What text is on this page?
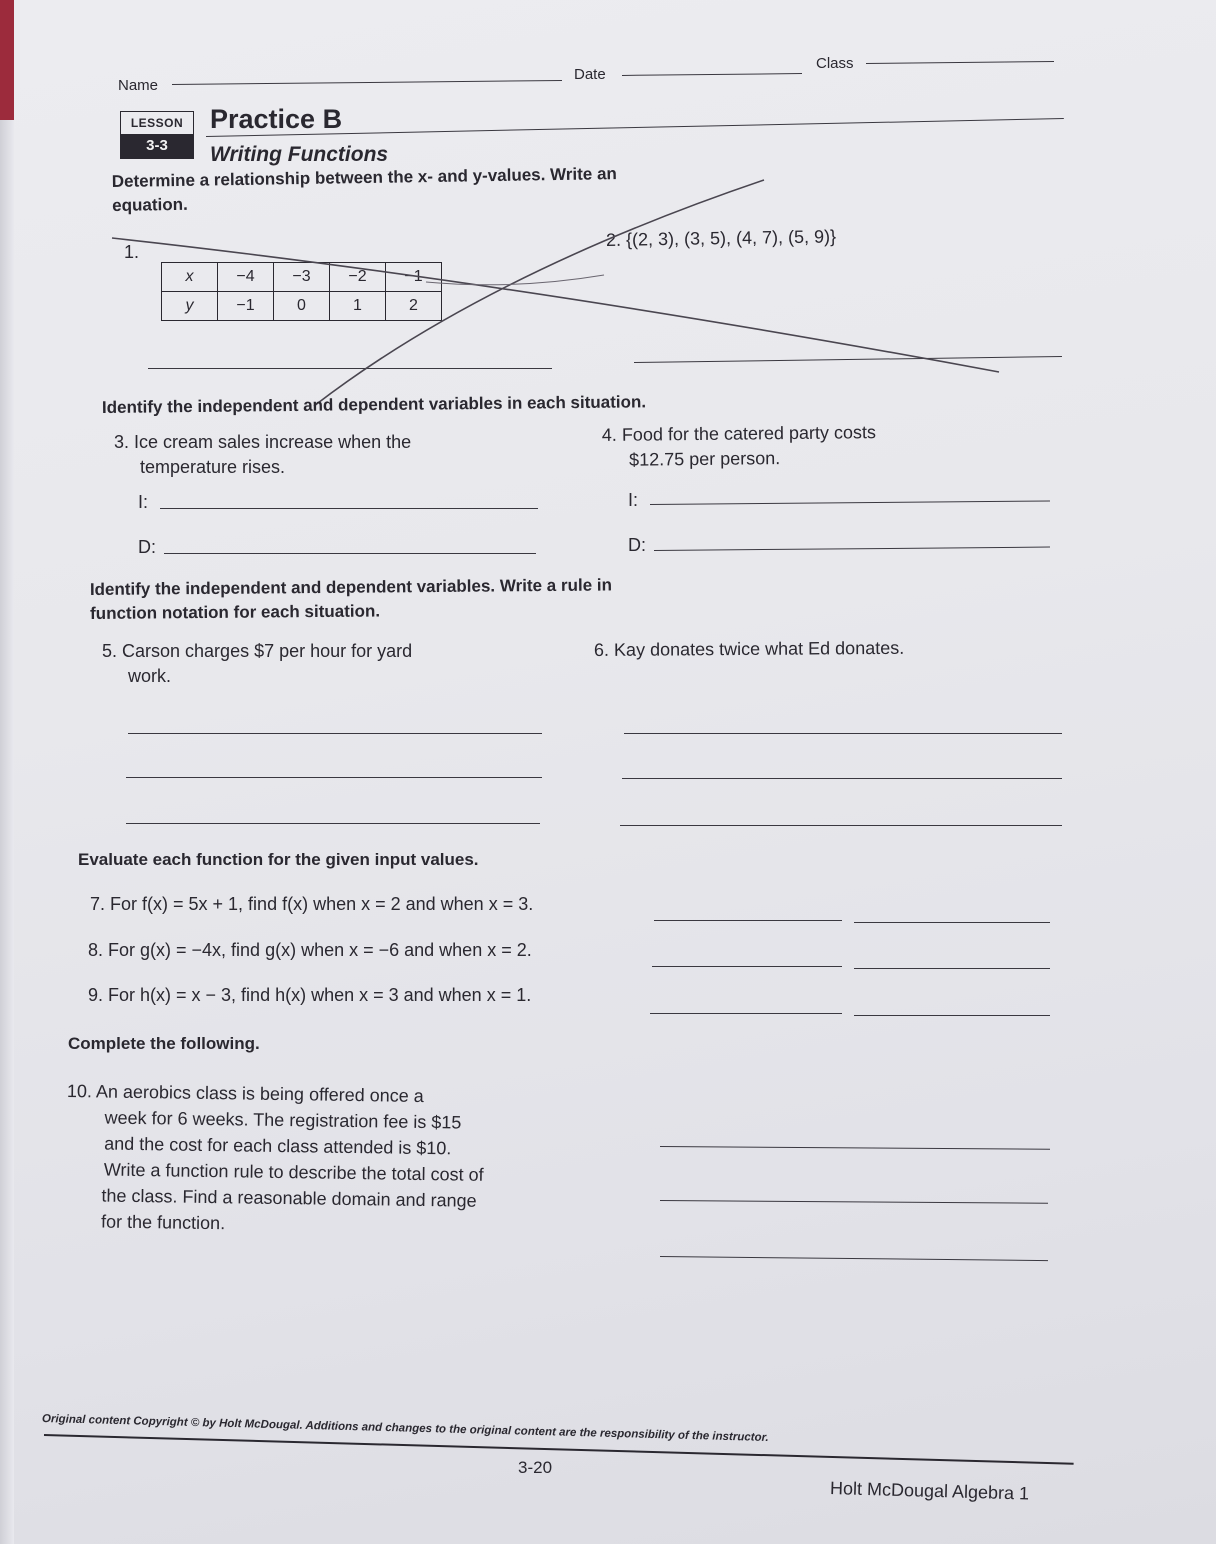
Name
Date
Class
LESSON
3-3
Practice B
Writing Functions
Determine a relationship between the x- and y-values. Write an
equation.
1.
x	−4	−3	−2	−1
y	−1	0	1	2
2. {(2, 3), (3, 5), (4, 7), (5, 9)}
Identify the independent and dependent variables in each situation.
3. Ice cream sales increase when the
temperature rises.
4. Food for the catered party costs
$12.75 per person.
I:
D:
I:
D:
Identify the independent and dependent variables. Write a rule in
function notation for each situation.
5. Carson charges $7 per hour for yard
work.
6. Kay donates twice what Ed donates.
Evaluate each function for the given input values.
7. For f(x) = 5x + 1, find f(x) when x = 2 and when x = 3.
8. For g(x) = −4x, find g(x) when x = −6 and when x = 2.
9. For h(x) = x − 3, find h(x) when x = 3 and when x = 1.
Complete the following.
10. An aerobics class is being offered once a
week for 6 weeks. The registration fee is $15
and the cost for each class attended is $10.
Write a function rule to describe the total cost of
the class. Find a reasonable domain and range
for the function.
Original content Copyright © by Holt McDougal. Additions and changes to the original content are the responsibility of the instructor.
3-20
Holt McDougal Algebra 1
